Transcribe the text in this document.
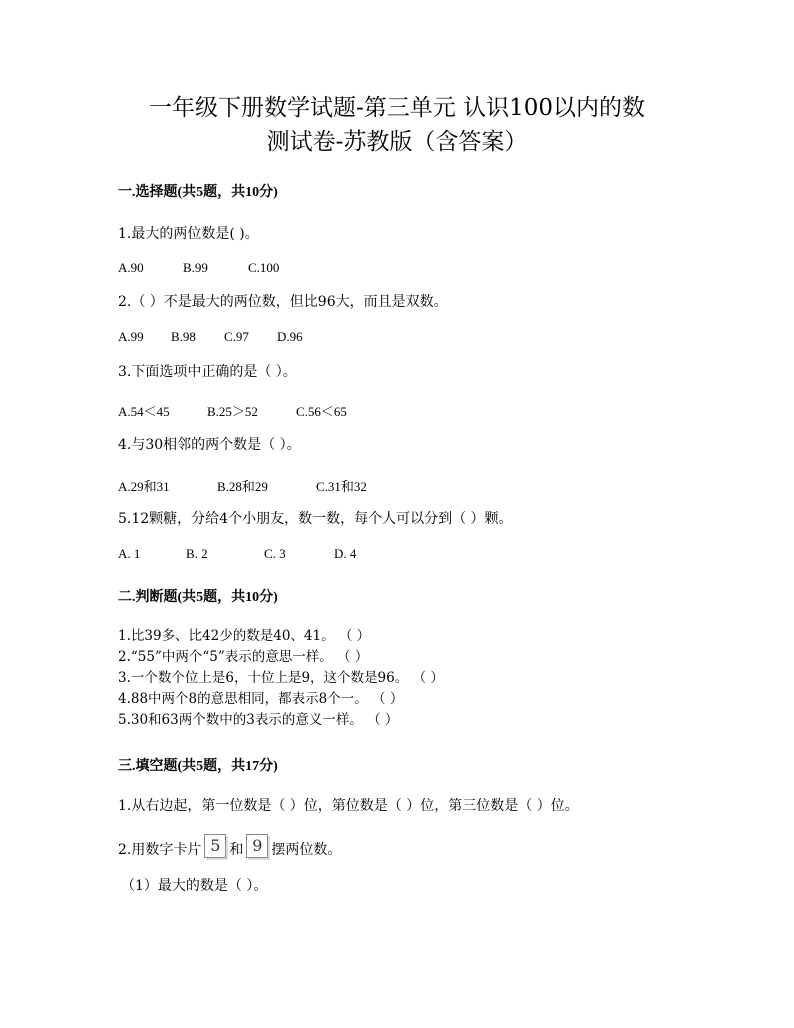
一年级下册数学试题-第三单元 认识100以内的数
测试卷-苏教版（含答案）
一.选择题(共5题，共10分)
1.最大的两位数是( )。
A.90	B.99	C.100
2.（ ）不是最大的两位数，但比96大，而且是双数。
A.99 B.98 C.97 D.96
3.下面选项中正确的是（ ）。
A.54＜45	B.25＞52	C.56＜65
4.与30相邻的两个数是（ ）。
A.29和31	B.28和29	C.31和32
5.12颗糖，分给4个小朋友，数一数，每个人可以分到（ ）颗。
A. 1	B. 2	C. 3	D. 4
二.判断题(共5题，共10分)
1.比39多、比42少的数是40、41。 （ ）
2.“55”中两个“5”表示的意思一样。 （ ）
3.一个数个位上是6，十位上是9，这个数是96。 （ ）
4.88中两个8的意思相同，都表示8个一。 （ ）
5.30和63两个数中的3表示的意义一样。 （ ）
三.填空题(共5题，共17分)
1.从右边起，第一位数是（ ）位，第位数是（ ）位，第三位数是（ ）位。
2.用数字卡片 5 和 9 摆两位数。
（1）最大的数是（ ）。
